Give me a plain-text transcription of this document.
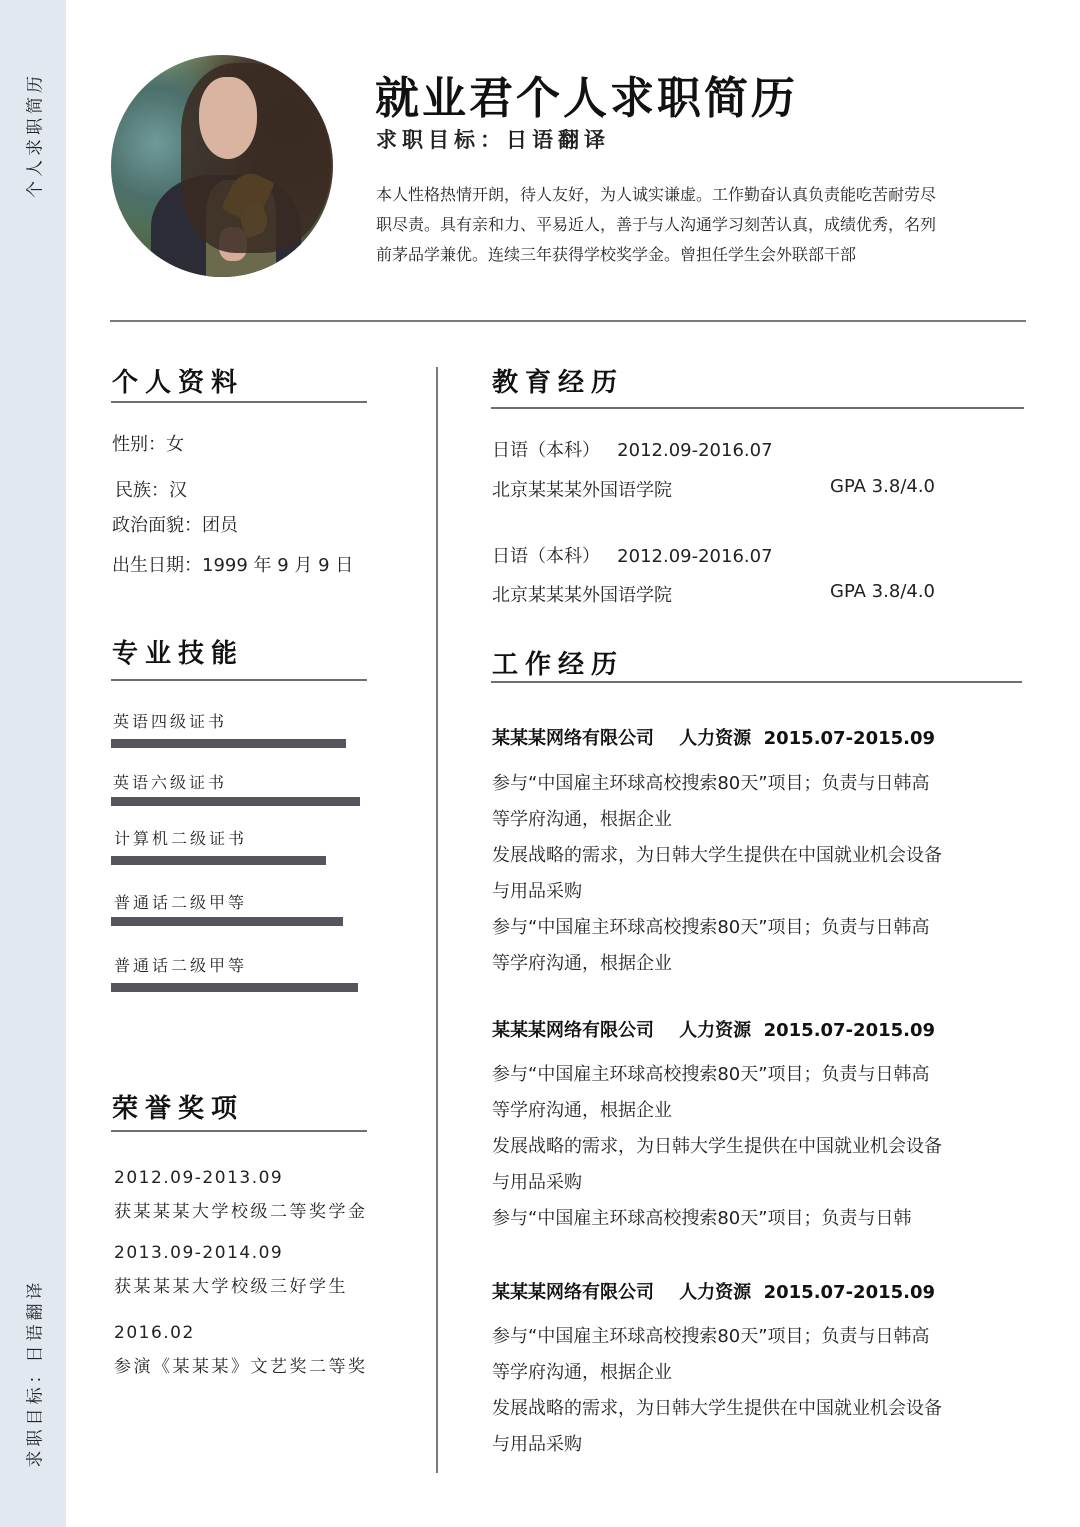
个人求职简历
求职目标：日语翻译
就业君个人求职简历
求职目标：日语翻译
本人性格热情开朗，待人友好，为人诚实谦虚。工作勤奋认真负责能吃苦耐劳尽
职尽责。具有亲和力、平易近人，善于与人沟通学习刻苦认真，成绩优秀，名列
前茅品学兼优。连续三年获得学校奖学金。曾担任学生会外联部干部
个人资料
性别：女
民族：汉
政治面貌：团员
出生日期：1999 年 9 月 9 日
专业技能
英语四级证书
英语六级证书
计算机二级证书
普通话二级甲等
普通话二级甲等
荣誉奖项
2012.09-2013.09
获某某某大学校级二等奖学金
2013.09-2014.09
获某某某大学校级三好学生
2016.02
参演《某某某》文艺奖二等奖
教育经历
日语（本科）   2012.09-2016.07
北京某某某外国语学院	GPA 3.8/4.0
日语（本科）   2012.09-2016.07
北京某某某外国语学院	GPA 3.8/4.0
工作经历
某某某网络有限公司    人力资源  2015.07-2015.09
参与“中国雇主环球高校搜索80天”项目；负责与日韩高
等学府沟通，根据企业
发展战略的需求，为日韩大学生提供在中国就业机会设备
与用品采购
参与“中国雇主环球高校搜索80天”项目；负责与日韩高
等学府沟通，根据企业
某某某网络有限公司    人力资源  2015.07-2015.09
参与“中国雇主环球高校搜索80天”项目；负责与日韩高
等学府沟通，根据企业
发展战略的需求，为日韩大学生提供在中国就业机会设备
与用品采购
参与“中国雇主环球高校搜索80天”项目；负责与日韩
某某某网络有限公司    人力资源  2015.07-2015.09
参与“中国雇主环球高校搜索80天”项目；负责与日韩高
等学府沟通，根据企业
发展战略的需求，为日韩大学生提供在中国就业机会设备
与用品采购
